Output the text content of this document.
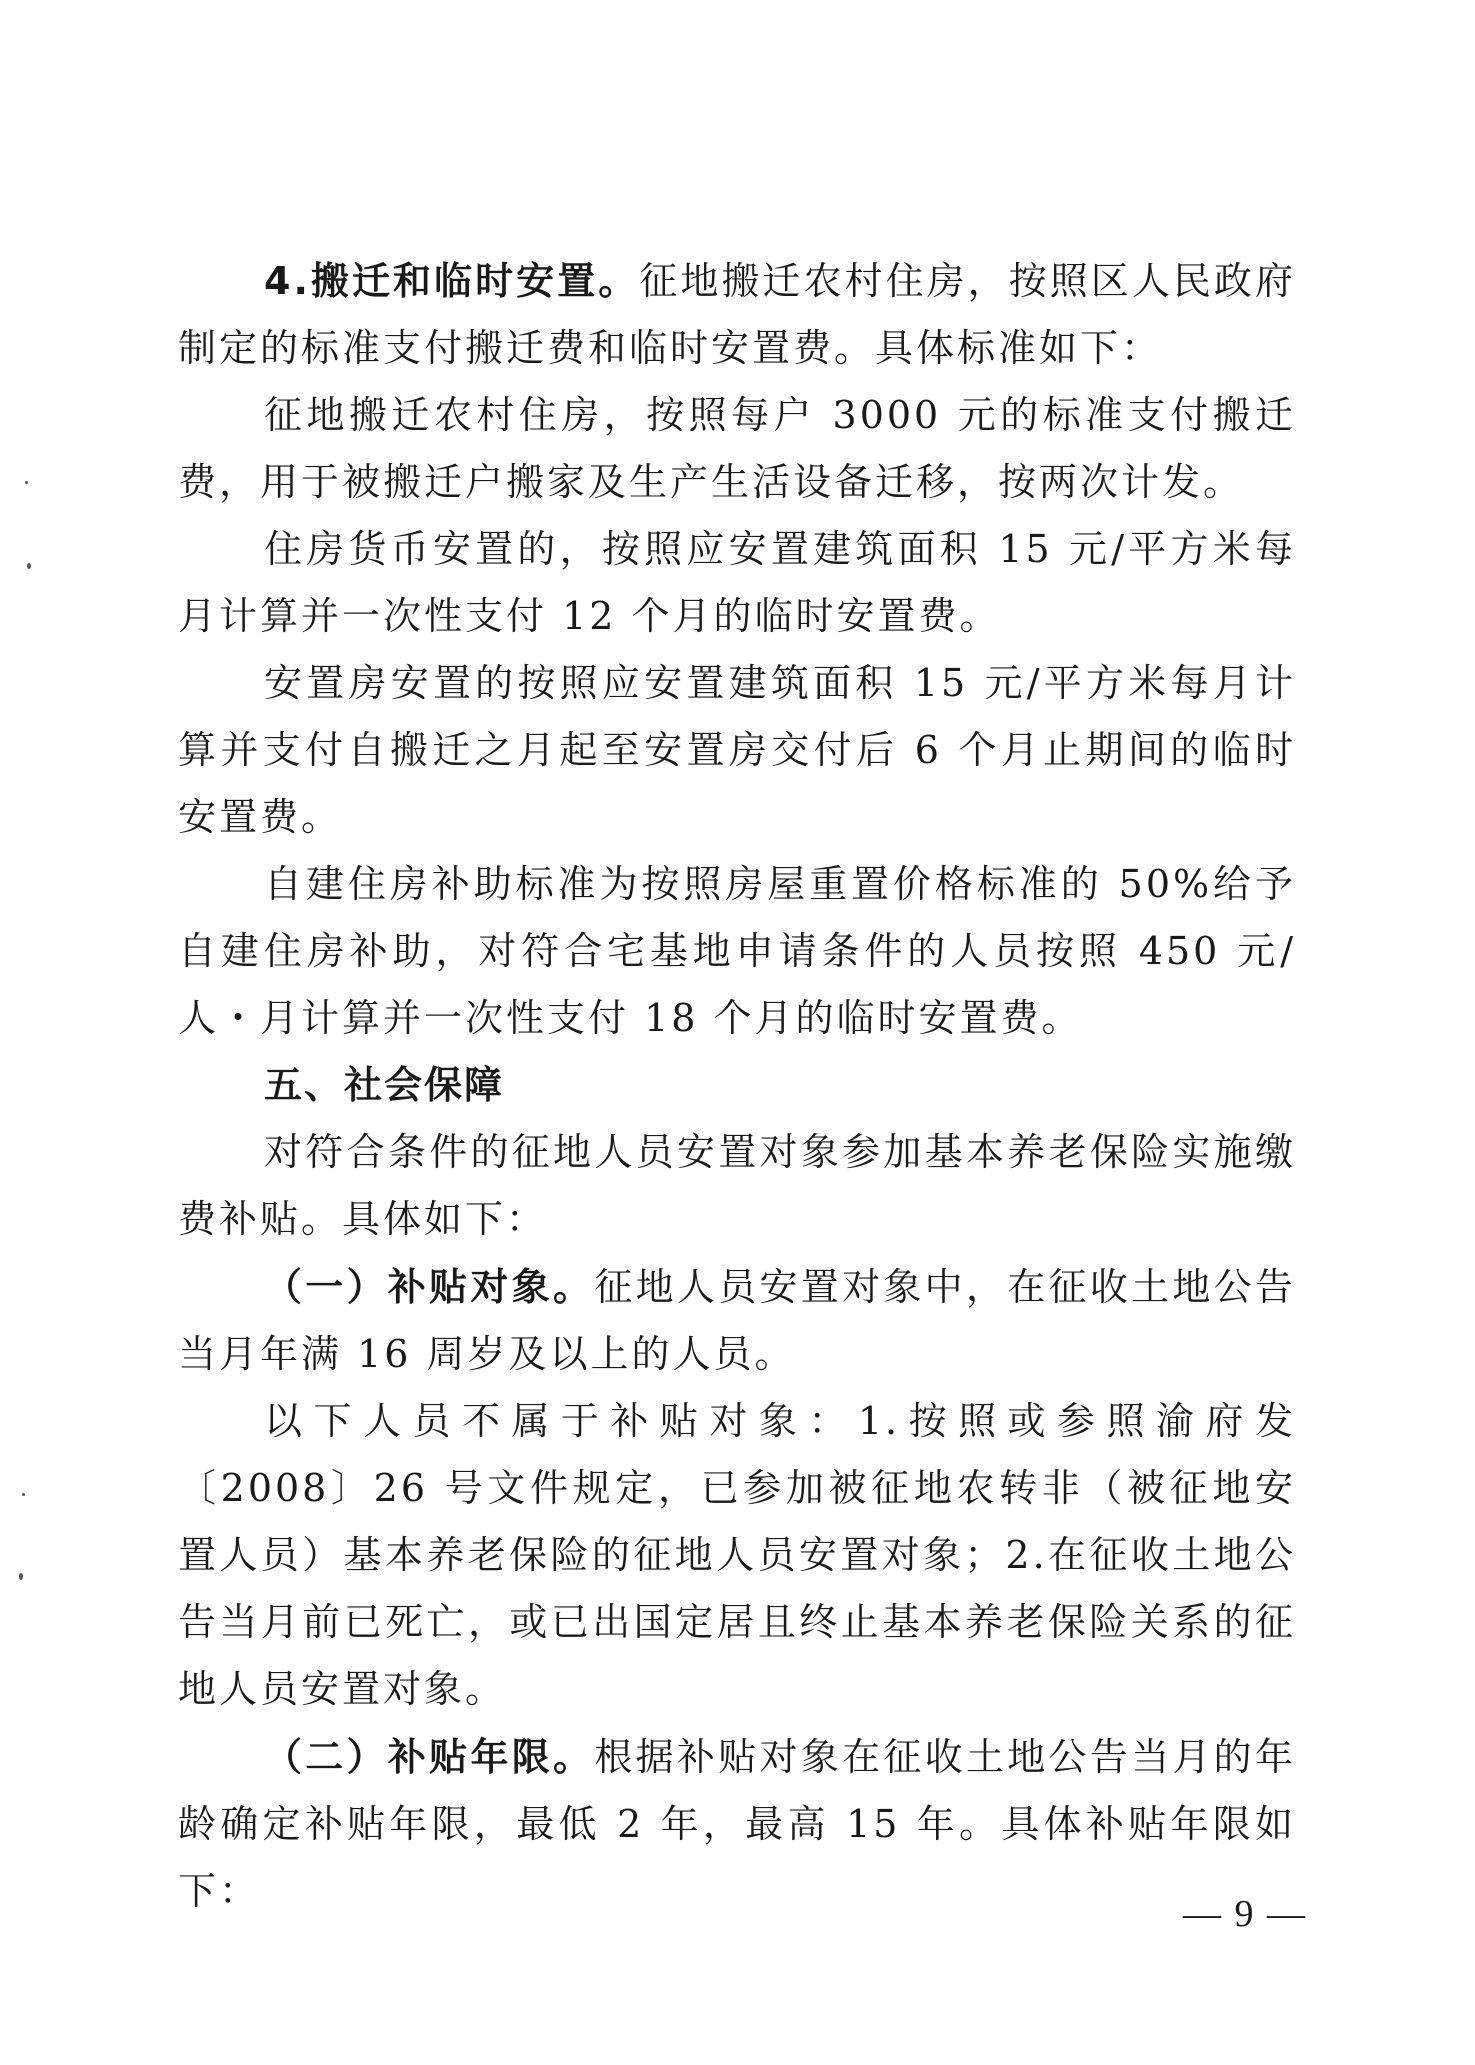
4.搬迁和临时安置。征地搬迁农村住房，按照区人民政府制定的标准支付搬迁费和临时安置费。具体标准如下：

征地搬迁农村住房，按照每户 3000 元的标准支付搬迁费，用于被搬迁户搬家及生产生活设备迁移，按两次计发。

住房货币安置的，按照应安置建筑面积 15 元/平方米每月计算并一次性支付 12 个月的临时安置费。

安置房安置的按照应安置建筑面积 15 元/平方米每月计算并支付自搬迁之月起至安置房交付后 6 个月止期间的临时安置费。

自建住房补助标准为按照房屋重置价格标准的 50%给予自建住房补助，对符合宅基地申请条件的人员按照 450 元/人・月计算并一次性支付 18 个月的临时安置费。

五、社会保障

对符合条件的征地人员安置对象参加基本养老保险实施缴费补贴。具体如下：

（一）补贴对象。征地人员安置对象中，在征收土地公告当月年满 16 周岁及以上的人员。

以下人员不属于补贴对象：1.按照或参照渝府发〔2008〕26 号文件规定，已参加被征地农转非（被征地安置人员）基本养老保险的征地人员安置对象；2.在征收土地公告当月前已死亡，或已出国定居且终止基本养老保险关系的征地人员安置对象。

（二）补贴年限。根据补贴对象在征收土地公告当月的年龄确定补贴年限，最低 2 年，最高 15 年。具体补贴年限如下：

— 9 —
